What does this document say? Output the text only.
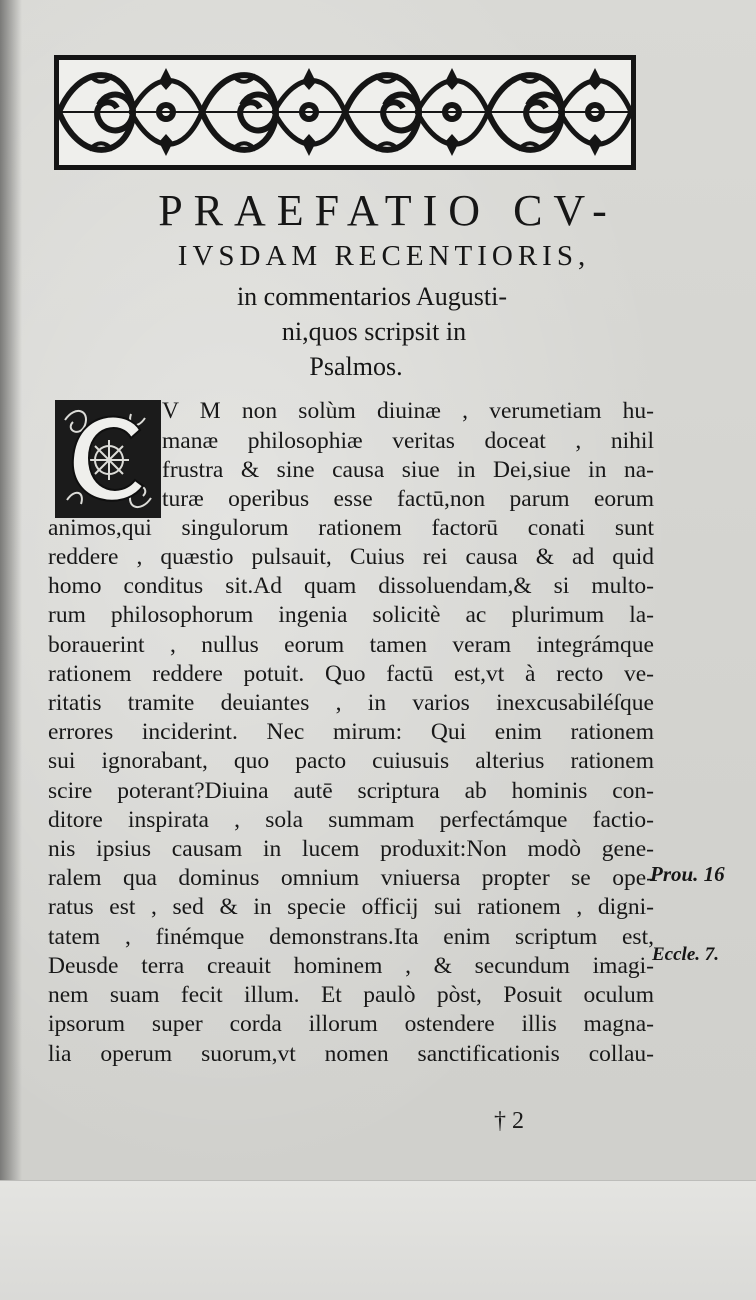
PRAEFATIO CV-
IVSDAM RECENTIORIS,
in commentarios Augusti-
ni,quos scripsit in
Psalmos.
V M non solùm diuinæ , verumetiam hu-
manæ philosophiæ veritas doceat , nihil
frustra & sine causa siue in Dei,siue in na-
turæ operibus esse factū,non parum eorum
animos,qui singulorum rationem factorū conati sunt
reddere , quæstio pulsauit, Cuius rei causa & ad quid
homo conditus sit.Ad quam dissoluendam,& si multo-
rum philosophorum ingenia solicitè ac plurimum la-
borauerint , nullus eorum tamen veram integrámque
rationem reddere potuit. Quo factū est,vt à recto ve-
ritatis tramite deuiantes , in varios inexcusabiléſque
errores inciderint. Nec mirum: Qui enim rationem
sui ignorabant, quo pacto cuiusuis alterius rationem
scire poterant?Diuina autē scriptura ab hominis con-
ditore inspirata , sola summam perfectámque factio-
nis ipsius causam in lucem produxit:Non modò gene-
ralem qua dominus omnium vniuersa propter se ope-
ratus est , sed & in specie officij sui rationem , digni-
tatem , finémque demonstrans.Ita enim scriptum est,
Deusde terra creauit hominem , & secundum imagi-
nem suam fecit illum. Et paulò pòst, Posuit oculum
ipsorum super corda illorum ostendere illis magna-
lia operum suorum,vt nomen sanctificationis collau-
Prou. 16
Eccle. 7.
† 2
